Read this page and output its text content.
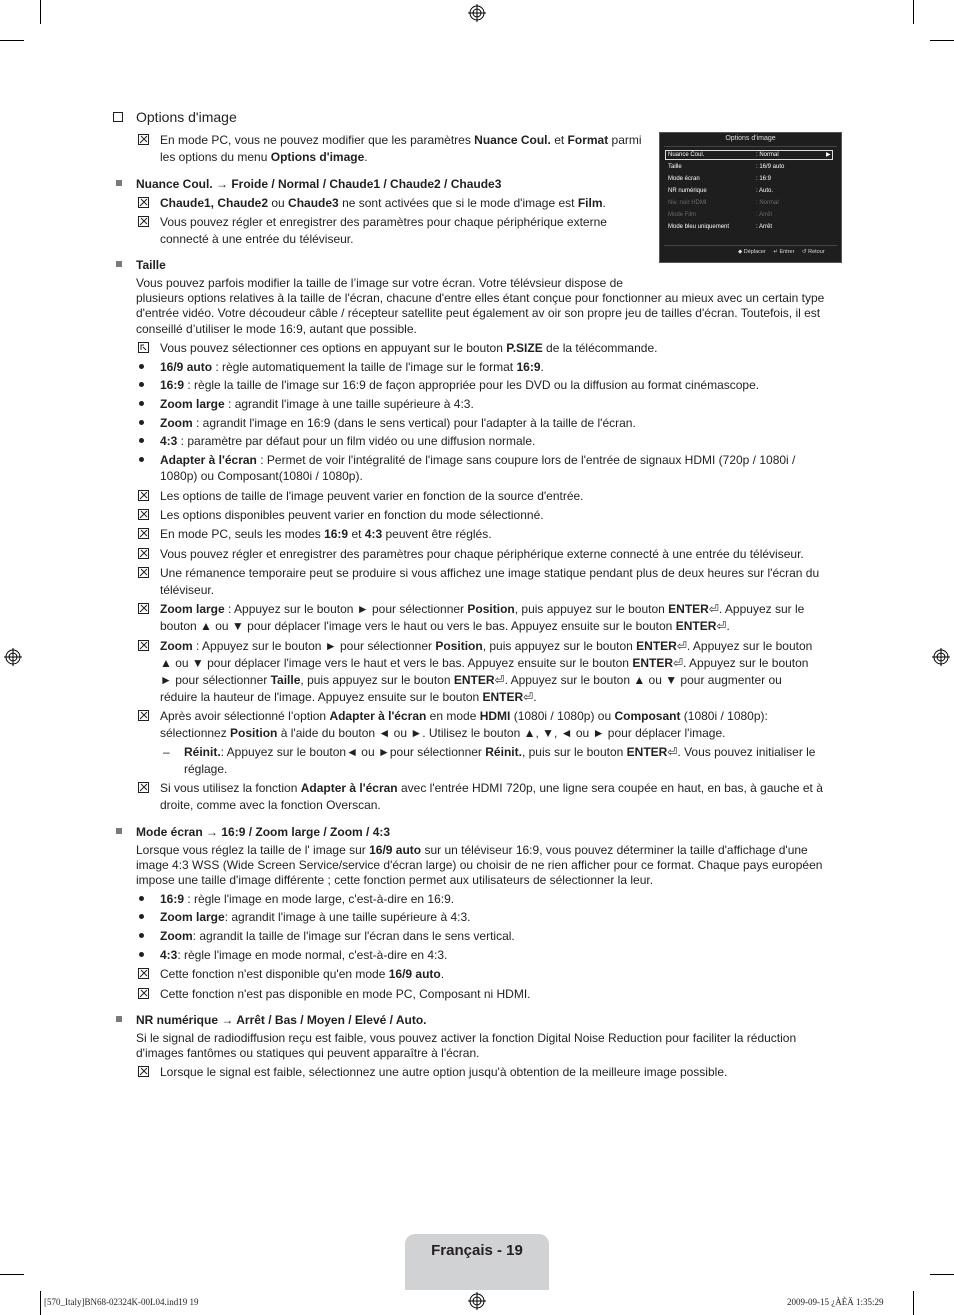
Options d'image
En mode PC, vous ne pouvez modifier que les paramètres Nuance Coul. et Format parmi
les options du menu Options d'image.
Nuance Coul. → Froide / Normal / Chaude1 / Chaude2 / Chaude3
Chaude1, Chaude2 ou Chaude3 ne sont activées que si le mode d'image est Film.
Vous pouvez régler et enregistrer des paramètres pour chaque périphérique externe
connecté à une entrée du téléviseur.
Options d'image
Nuance Coul.	: Normal	▶
Taille	: 16/9 auto
Mode écran	: 16:9
NR numérique	: Auto.
Niv. noir HDMI	: Normal
Mode Film	: Arrêt
Mode bleu uniquement	: Arrêt
◆ Déplacer ↵ Entrer ↺ Retour
Taille
Vous pouvez parfois modifier la taille de l’image sur votre écran. Votre télévsieur dispose de
plusieurs options relatives à la taille de l'écran, chacune d'entre elles étant conçue pour fonctionner au mieux avec un certain type
d'entrée vidéo. Votre découdeur câble / récepteur satellite peut également av oir son propre jeu de tailles d'écran. Toutefois, il est
conseillé d’utiliser le mode 16:9, autant que possible.
Vous pouvez sélectionner ces options en appuyant sur le bouton P.SIZE de la télécommande.
16/9 auto : règle automatiquement la taille de l'image sur le format 16:9.
16:9 : règle la taille de l'image sur 16:9 de façon appropriée pour les DVD ou la diffusion au format cinémascope.
Zoom large : agrandit l'image à une taille supérieure à 4:3.
Zoom : agrandit l'image en 16:9 (dans le sens vertical) pour l'adapter à la taille de l'écran.
4:3 : paramètre par défaut pour un film vidéo ou une diffusion normale.
Adapter à l'écran : Permet de voir l'intégralité de l'image sans coupure lors de l'entrée de signaux HDMI (720p / 1080i /
1080p) ou Composant(1080i / 1080p).
Les options de taille de l'image peuvent varier en fonction de la source d'entrée.
Les options disponibles peuvent varier en fonction du mode sélectionné.
En mode PC, seuls les modes 16:9 et 4:3 peuvent être réglés.
Vous pouvez régler et enregistrer des paramètres pour chaque périphérique externe connecté à une entrée du téléviseur.
Une rémanence temporaire peut se produire si vous affichez une image statique pendant plus de deux heures sur l'écran du
téléviseur.
Zoom large : Appuyez sur le bouton ► pour sélectionner Position, puis appuyez sur le bouton ENTER⏎. Appuyez sur le
bouton ▲ ou ▼ pour déplacer l'image vers le haut ou vers le bas. Appuyez ensuite sur le bouton ENTER⏎.
Zoom : Appuyez sur le bouton ► pour sélectionner Position, puis appuyez sur le bouton ENTER⏎. Appuyez sur le bouton
▲ ou ▼ pour déplacer l'image vers le haut et vers le bas. Appuyez ensuite sur le bouton ENTER⏎. Appuyez sur le bouton
► pour sélectionner Taille, puis appuyez sur le bouton ENTER⏎. Appuyez sur le bouton ▲ ou ▼ pour augmenter ou
réduire la hauteur de l'image. Appuyez ensuite sur le bouton ENTER⏎.
Après avoir sélectionné l’option Adapter à l'écran en mode HDMI (1080i / 1080p) ou Composant (1080i / 1080p):
sélectionnez Position à l'aide du bouton ◄ ou ►. Utilisez le bouton ▲, ▼, ◄ ou ► pour déplacer l'image.
– Réinit.: Appuyez sur le bouton◄ ou ►pour sélectionner Réinit., puis sur le bouton ENTER⏎. Vous pouvez initialiser le
réglage.
Si vous utilisez la fonction Adapter à l'écran avec l'entrée HDMI 720p, une ligne sera coupée en haut, en bas, à gauche et à
droite, comme avec la fonction Overscan.
Mode écran → 16:9 / Zoom large / Zoom / 4:3
Lorsque vous réglez la taille de l' image sur 16/9 auto sur un téléviseur 16:9, vous pouvez déterminer la taille d'affichage d'une
image 4:3 WSS (Wide Screen Service/service d'écran large) ou choisir de ne rien afficher pour ce format. Chaque pays européen
impose une taille d'image différente ; cette fonction permet aux utilisateurs de sélectionner la leur.
16:9 : règle l'image en mode large, c'est-à-dire en 16:9.
Zoom large: agrandit l'image à une taille supérieure à 4:3.
Zoom: agrandit la taille de l'image sur l'écran dans le sens vertical.
4:3: règle l'image en mode normal, c'est-à-dire en 4:3.
Cette fonction n'est disponible qu'en mode 16/9 auto.
Cette fonction n'est pas disponible en mode PC, Composant ni HDMI.
NR numérique → Arrêt / Bas / Moyen / Elevé / Auto.
Si le signal de radiodiffusion reçu est faible, vous pouvez activer la fonction Digital Noise Reduction pour faciliter la réduction
d'images fantômes ou statiques qui peuvent apparaître à l'écran.
Lorsque le signal est faible, sélectionnez une autre option jusqu'à obtention de la meilleure image possible.
Français - 19
[570_Italy]BN68-02324K-00L04.ind19 19	2009-09-15 ¿ÀÈÄ 1:35:29
